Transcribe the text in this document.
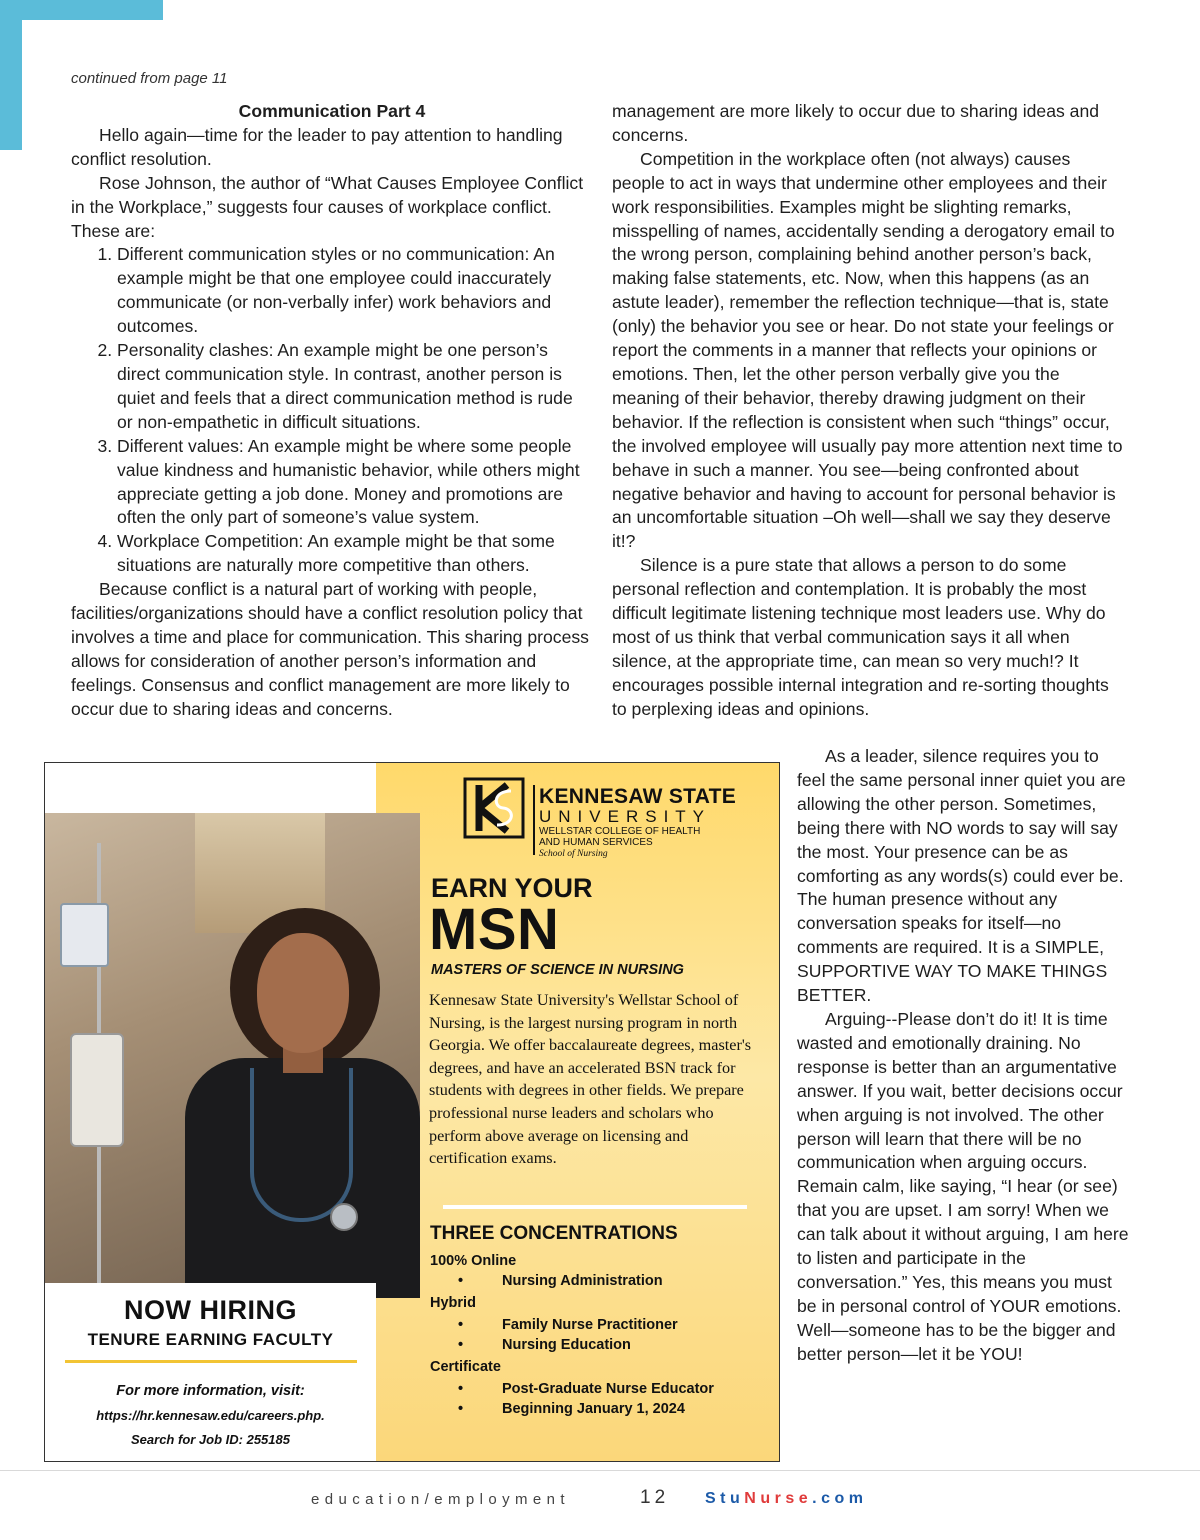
continued from page 11

Communication Part 4

Hello again—time for the leader to pay attention to handling conflict resolution.

Rose Johnson, the author of “What Causes Employee Conflict in the Workplace,” suggests four causes of workplace conflict. These are:

1. Different communication styles or no communication: An example might be that one employee could inaccurately communicate (or non-verbally infer) work behaviors and outcomes.
2. Personality clashes: An example might be one person’s direct communication style. In contrast, another person is quiet and feels that a direct communication method is rude or non-empathetic in difficult situations.
3. Different values: An example might be where some people value kindness and humanistic behavior, while others might appreciate getting a job done. Money and promotions are often the only part of someone’s value system.
4. Workplace Competition: An example might be that some situations are naturally more competitive than others.

Because conflict is a natural part of working with people, facilities/organizations should have a conflict resolution policy that involves a time and place for communication. This sharing process allows for consideration of another person’s information and feelings. Consensus and conflict management are more likely to occur due to sharing ideas and concerns.

management are more likely to occur due to sharing ideas and concerns.

Competition in the workplace often (not always) causes people to act in ways that undermine other employees and their work responsibilities. Examples might be slighting remarks, misspelling of names, accidentally sending a derogatory email to the wrong person, complaining behind another person’s back, making false statements, etc. Now, when this happens (as an astute leader), remember the reflection technique—that is, state (only) the behavior you see or hear. Do not state your feelings or report the comments in a manner that reflects your opinions or emotions. Then, let the other person verbally give you the meaning of their behavior, thereby drawing judgment on their behavior. If the reflection is consistent when such “things” occur, the involved employee will usually pay more attention next time to behave in such a manner. You see—being confronted about negative behavior and having to account for personal behavior is an uncomfortable situation –Oh well—shall we say they deserve it!?

Silence is a pure state that allows a person to do some personal reflection and contemplation. It is probably the most difficult legitimate listening technique most leaders use. Why do most of us think that verbal communication says it all when silence, at the appropriate time, can mean so very much!? It encourages possible internal integration and re-sorting thoughts to perplexing ideas and opinions.

As a leader, silence requires you to feel the same personal inner quiet you are allowing the other person. Sometimes, being there with NO words to say will say the most. Your presence can be as comforting as any words(s) could ever be. The human presence without any conversation speaks for itself—no comments are required. It is a SIMPLE, SUPPORTIVE WAY TO MAKE THINGS BETTER.

Arguing--Please don’t do it! It is time wasted and emotionally draining. No response is better than an argumentative answer. If you wait, better decisions occur when arguing is not involved. The other person will learn that there will be no communication when arguing occurs. Remain calm, like saying, “I hear (or see) that you are upset. I am sorry! When we can talk about it without arguing, I am here to listen and participate in the conversation.” Yes, this means you must be in personal control of YOUR emotions. Well—someone has to be the bigger and better person—let it be YOU!

NOW HIRING
TENURE EARNING FACULTY
For more information, visit:
https://hr.kennesaw.edu/careers.php.
Search for Job ID: 255185
KENNESAW STATE
UNIVERSITY
WELLSTAR COLLEGE OF HEALTH AND HUMAN SERVICES
School of Nursing
EARN YOUR
MSN
MASTERS OF SCIENCE IN NURSING
Kennesaw State University's Wellstar School of Nursing, is the largest nursing program in north Georgia. We offer baccalaureate degrees, master's degrees, and have an accelerated BSN track for students with degrees in other fields. We prepare professional nurse leaders and scholars who perform above average on licensing and certification exams.
THREE CONCENTRATIONS
100% Online
•	Nursing Administration
Hybrid
•	Family Nurse Practitioner
•	Nursing Education
Certificate
•	Post-Graduate Nurse Educator
•	Beginning January 1, 2024
education/employment	12 StuNurse.com
